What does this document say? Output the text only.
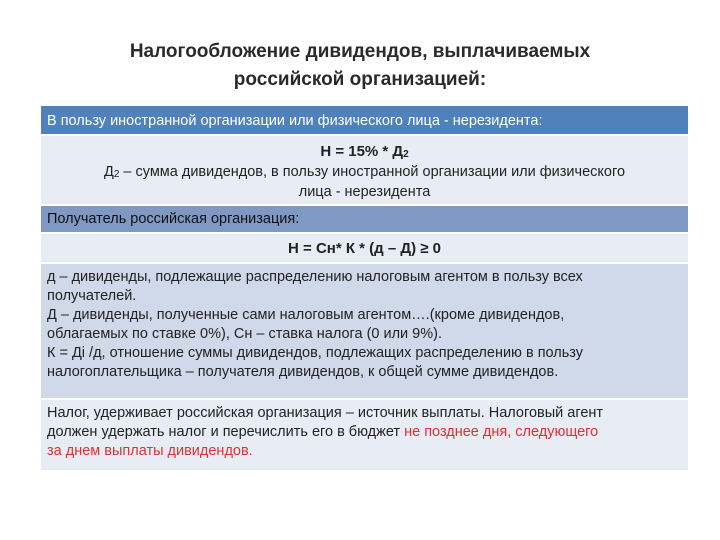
Налогообложение дивидендов, выплачиваемых
российской организацией:
В пользу иностранной организации или физического лица - нерезидента:
$Н = 15\% * Д_2$
$Д_2$ – сумма дивидендов, в пользу иностранной организации или физического
лица - нерезидента
Получатель российская организация:
Н = Сн* К * (д – Д) ≥ 0
д – дивиденды, подлежащие распределению налоговым агентом в пользу всех
получателей.
Д – дивиденды, полученные сами налоговым агентом….(кроме дивидендов,
облагаемых по ставке 0%), Сн – ставка налога (0 или 9%).
К = Дi /д, отношение суммы дивидендов, подлежащих распределению в пользу
налогоплательщика – получателя дивидендов, к общей сумме дивидендов.
Налог, удерживает российская организация – источник выплаты. Налоговый агент
должен удержать налог и перечислить его в бюджет не позднее дня, следующего
за днем выплаты дивидендов.
